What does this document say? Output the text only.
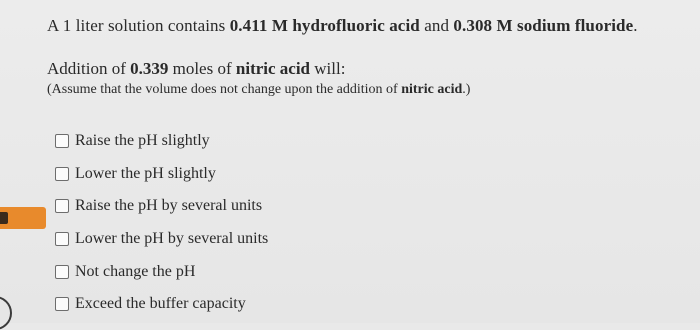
A 1 liter solution contains 0.411 M hydrofluoric acid and 0.308 M sodium fluoride.
Addition of 0.339 moles of nitric acid will:
(Assume that the volume does not change upon the addition of nitric acid.)
Raise the pH slightly
Lower the pH slightly
Raise the pH by several units
Lower the pH by several units
Not change the pH
Exceed the buffer capacity
